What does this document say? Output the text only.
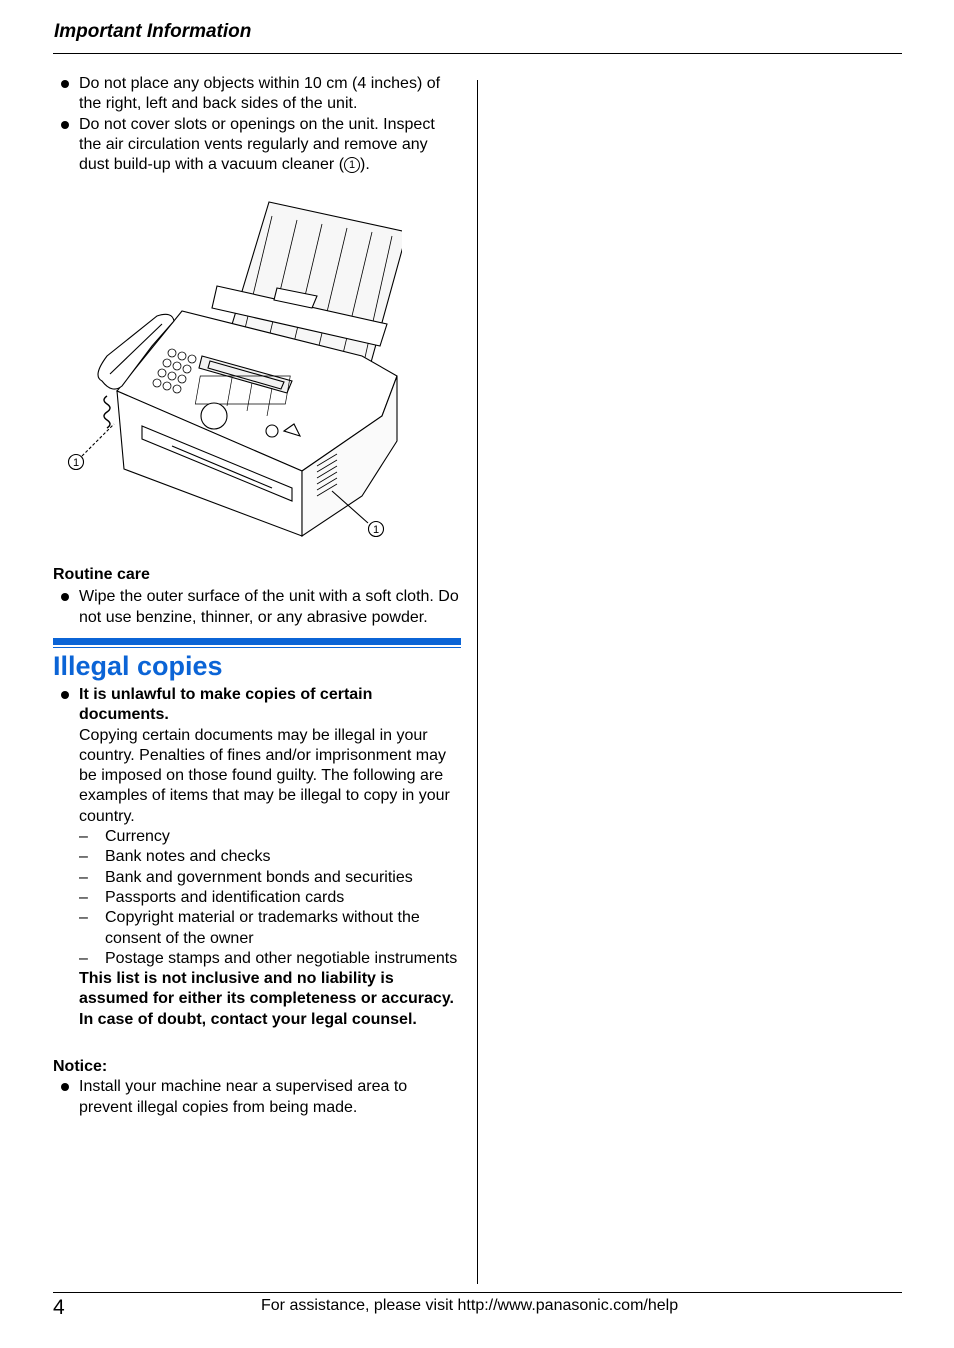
Important Information
Do not place any objects within 10 cm (4 inches) of the right, left and back sides of the unit.
Do not cover slots or openings on the unit. Inspect the air circulation vents regularly and remove any dust build-up with a vacuum cleaner ( 1 ).
1
1
Routine care
Wipe the outer surface of the unit with a soft cloth. Do not use benzine, thinner, or any abrasive powder.
Illegal copies
It is unlawful to make copies of certain documents.
Copying certain documents may be illegal in your country. Penalties of fines and/or imprisonment may be imposed on those found guilty. The following are examples of items that may be illegal to copy in your country.
– Currency
– Bank notes and checks
– Bank and government bonds and securities
– Passports and identification cards
– Copyright material or trademarks without the consent of the owner
– Postage stamps and other negotiable instruments
This list is not inclusive and no liability is assumed for either its completeness or accuracy. In case of doubt, contact your legal counsel.
Notice:
Install your machine near a supervised area to prevent illegal copies from being made.
4	For assistance, please visit http://www.panasonic.com/help
